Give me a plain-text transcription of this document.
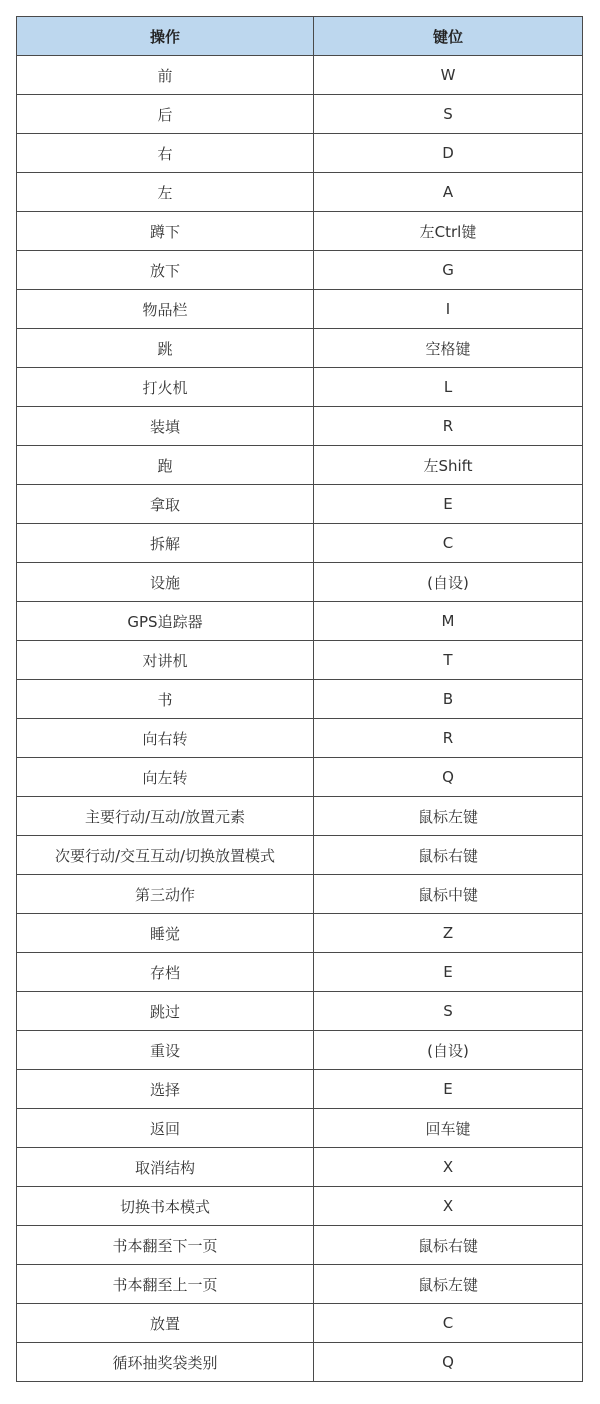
操作	键位
前	W
后	S
右	D
左	A
蹲下	左Ctrl键
放下	G
物品栏	I
跳	空格键
打火机	L
装填	R
跑	左Shift
拿取	E
拆解	C
设施	(自设)
GPS追踪器	M
对讲机	T
书	B
向右转	R
向左转	Q
主要行动/互动/放置元素	鼠标左键
次要行动/交互互动/切换放置模式	鼠标右键
第三动作	鼠标中键
睡觉	Z
存档	E
跳过	S
重设	(自设)
选择	E
返回	回车键
取消结构	X
切换书本模式	X
书本翻至下一页	鼠标右键
书本翻至上一页	鼠标左键
放置	C
循环抽奖袋类别	Q
